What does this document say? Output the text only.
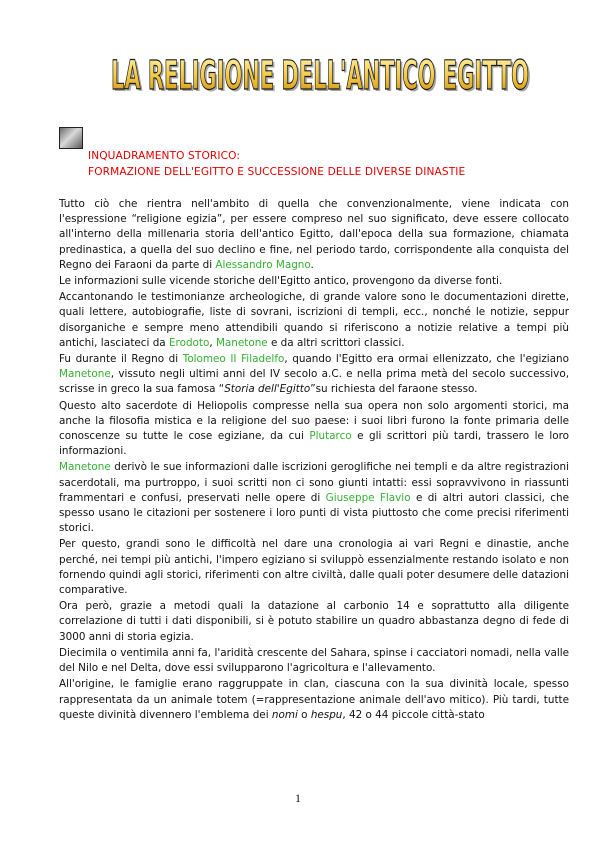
LA RELIGIONE DELL'ANTICO EGITTO
LA RELIGIONE DELL'ANTICO EGITTO
INQUADRAMENTO STORICO:
FORMAZIONE DELL'EGITTO E SUCCESSIONE DELLE DIVERSE DINASTIE

Tutto ciò che rientra nell'ambito di quella che convenzionalmente, viene indicata con l'espressione “religione egizia”, per essere compreso nel suo significato, deve essere collocato all'interno della millenaria storia dell'antico Egitto, dall'epoca della sua formazione, chiamata predinastica, a quella del suo declino e fine, nel periodo tardo, corrispondente alla conquista del Regno dei Faraoni da parte di Alessandro Magno.

Le informazioni sulle vicende storiche dell'Egitto antico, provengono da diverse fonti.

Accantonando le testimonianze archeologiche, di grande valore sono le documentazioni dirette, quali lettere, autobiografie, liste di sovrani, iscrizioni di templi, ecc., nonché le notizie, seppur disorganiche e sempre meno attendibili quando si riferiscono a notizie relative a tempi più antichi, lasciateci da Erodoto, Manetone e da altri scrittori classici.

Fu durante il Regno di Tolomeo II Filadelfo, quando l'Egitto era ormai ellenizzato, che l'egiziano Manetone, vissuto negli ultimi anni del IV secolo a.C. e nella prima metà del secolo successivo, scrisse in greco la sua famosa “Storia dell'Egitto”su richiesta del faraone stesso.

Questo alto sacerdote di Heliopolis compresse nella sua opera non solo argomenti storici, ma anche la filosofia mistica e la religione del suo paese: i suoi libri furono la fonte primaria delle conoscenze su tutte le cose egiziane, da cui Plutarco e gli scrittori più tardi, trassero le loro informazioni.

Manetone derivò le sue informazioni dalle iscrizioni geroglifiche nei templi e da altre registrazioni sacerdotali, ma purtroppo, i suoi scritti non ci sono giunti intatti: essi sopravvivono in riassunti frammentari e confusi, preservati nelle opere di Giuseppe Flavio e di altri autori classici, che spesso usano le citazioni per sostenere i loro punti di vista piuttosto che come precisi riferimenti storici.

Per questo, grandi sono le difficoltà nel dare una cronologia ai vari Regni e dinastie, anche perché, nei tempi più antichi, l'impero egiziano si sviluppò essenzialmente restando isolato e non fornendo quindi agli storici, riferimenti con altre civiltà, dalle quali poter desumere delle datazioni comparative.

Ora però, grazie a metodi quali la datazione al carbonio 14 e soprattutto alla diligente correlazione di tutti i dati disponibili, si è potuto stabilire un quadro abbastanza degno di fede di 3000 anni di storia egizia.

Diecimila o ventimila anni fa, l'aridità crescente del Sahara, spinse i cacciatori nomadi, nella valle del Nilo e nel Delta, dove essi svilupparono l'agricoltura e l'allevamento.

All'origine, le famiglie erano raggruppate in clan, ciascuna con la sua divinità locale, spesso rappresentata da un animale totem (=rappresentazione animale dell'avo mitico). Più tardi, tutte queste divinità divennero l'emblema dei nomi o hespu, 42 o 44 piccole città-stato

1
